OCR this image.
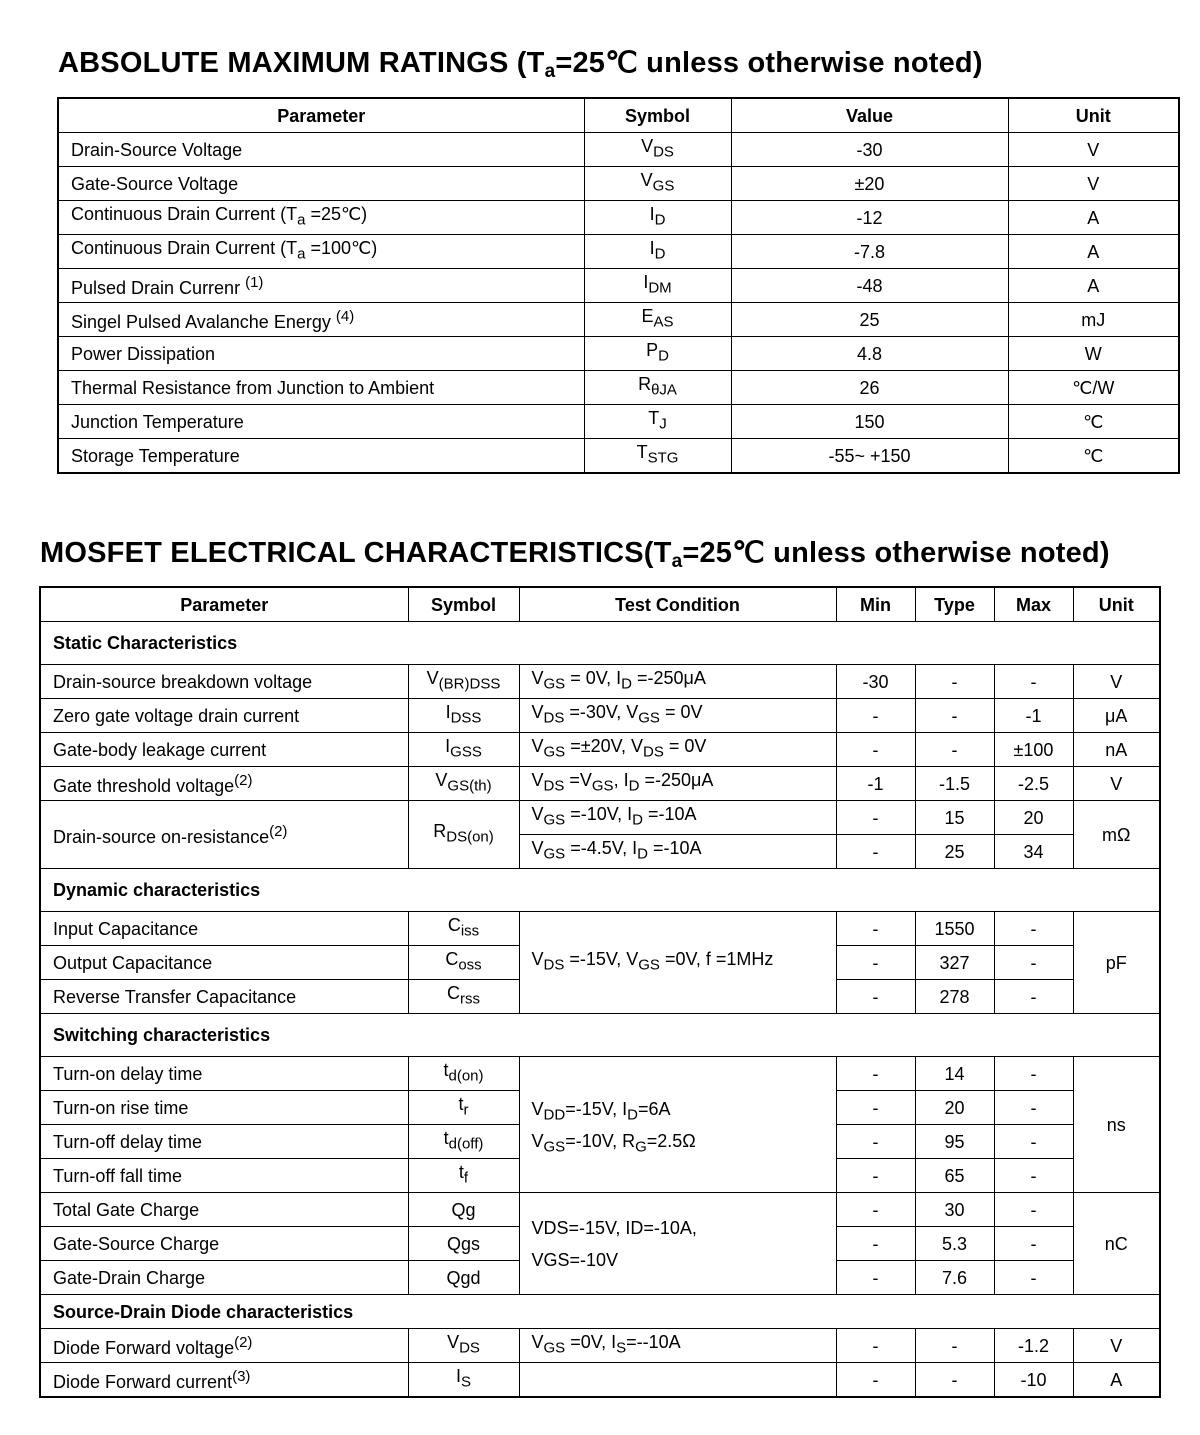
ABSOLUTE MAXIMUM RATINGS (Ta=25℃ unless otherwise noted)
Parameter	Symbol	Value	Unit
Drain-Source Voltage	$V_{DS}$	-30	V
Gate-Source Voltage	$V_{GS}$	±20	V
Continuous Drain Current ($T_a$ =25℃)	$I_D$	-12	A
Continuous Drain Current ($T_a$ =100℃)	$I_D$	-7.8	A
Pulsed Drain Currenr $^{(1)}$	$I_{DM}$	-48	A
Singel Pulsed Avalanche Energy $^{(4)}$	$E_{AS}$	25	mJ
Power Dissipation	$P_D$	4.8	W
Thermal Resistance from Junction to Ambient	$R_{\theta JA}$	26	℃/W
Junction Temperature	$T_J$	150	℃
Storage Temperature	$T_{STG}$	-55~ +150	℃
MOSFET ELECTRICAL CHARACTERISTICS(Ta=25℃ unless otherwise noted)
Parameter	Symbol	Test Condition	Min	Type	Max	Unit
Static Characteristics						
Drain-source breakdown voltage	$V_{(BR)DSS}$	$V_{GS} = 0V$, $I_D =-250\mu A$	-30	-	-	V
Zero gate voltage drain current	$I_{DSS}$	$V_{DS} =-30V$, $V_{GS} = 0V$	-	-	-1	μA
Gate-body leakage current	$I_{GSS}$	$V_{GS} =\pm 20V$, $V_{DS} = 0V$	-	-	±100	nA
Gate threshold voltage$^{(2)}$	$V_{GS(th)}$	$V_{DS} =V_{GS}$, $I_D =-250\mu A$	-1	-1.5	-2.5	V
Drain-source on-resistance$^{(2)}$	$R_{DS(on)}$	$V_{GS} =-10V$, $I_D =-10A$	-	15	20	mΩ
		$V_{GS} =-4.5V$, $I_D =-10A$	-	25	34	
Dynamic characteristics						
Input Capacitance	$C_{iss}$	$V_{DS} =-15V$, $V_{GS} =0V$, f =1MHz	-	1550	-	pF
Output Capacitance	$C_{oss}$		-	327	-	
Reverse Transfer Capacitance	$C_{rss}$		-	278	-	
Switching characteristics						
Turn-on delay time	$t_{d(on)}$	$V_{DD}=-15V$, $I_D=6A$
$V_{GS}=-10V$, $R_G=2.5\Omega$	-	14	-	ns
Turn-on rise time	$t_r$		-	20	-	
Turn-off delay time	$t_{d(off)}$		-	95	-	
Turn-off fall time	$t_f$		-	65	-	
Total Gate Charge	Qg	VDS=-15V, ID=-10A,
VGS=-10V	-	30	-	nC
Gate-Source Charge	Qgs		-	5.3	-	
Gate-Drain Charge	Qgd		-	7.6	-	
Source-Drain Diode characteristics						
Diode Forward voltage$^{(2)}$	$V_{DS}$	$V_{GS} =0V$, $I_S=--10A$	-	-	-1.2	V
Diode Forward current$^{(3)}$	$I_S$		-	-	-10	A
